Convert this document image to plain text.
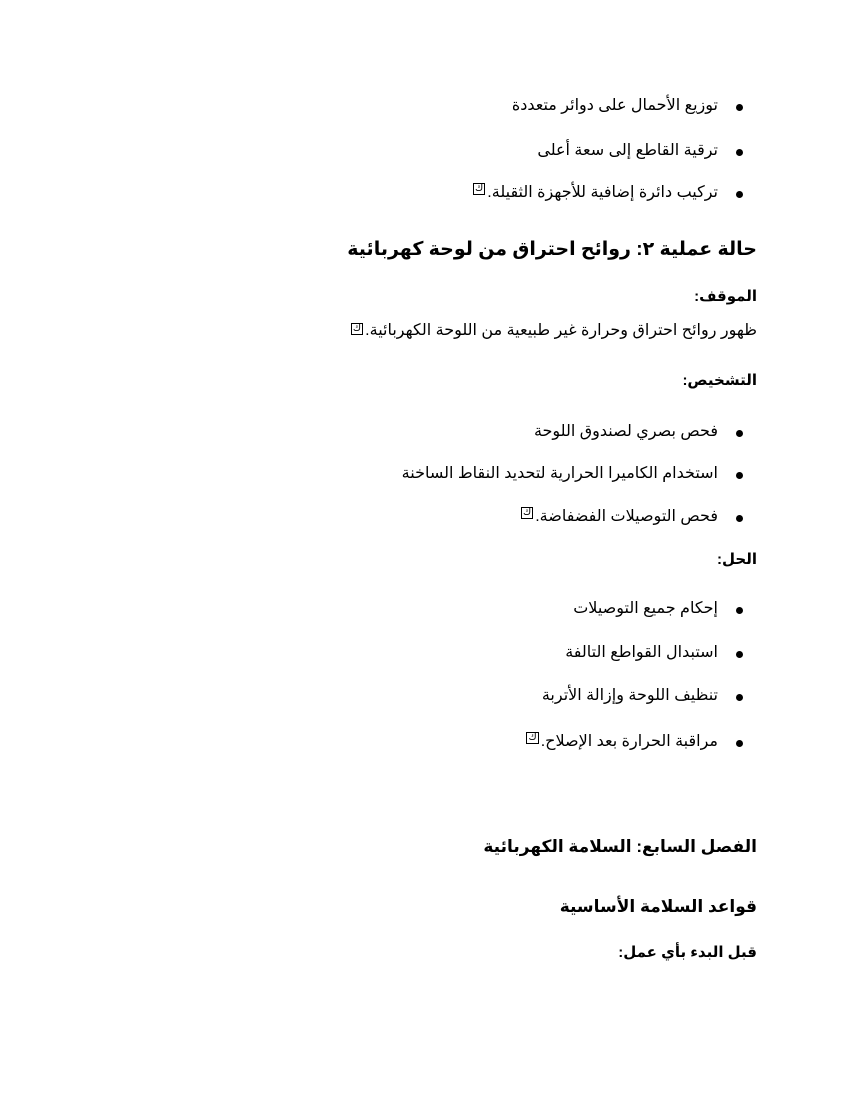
توزيع الأحمال على دوائر متعددة
ترقية القاطع إلى سعة أعلى
تركيب دائرة إضافية للأجهزة الثقيلة.
ك
حالة عملية ٢: روائح احتراق من لوحة كهربائية
الموقف:
ظهور روائح احتراق وحرارة غير طبيعية من اللوحة الكهربائية.ك
التشخيص:
فحص بصري لصندوق اللوحة
استخدام الكاميرا الحرارية لتحديد النقاط الساخنة
فحص التوصيلات الفضفاضة.
ك
الحل:
إحكام جميع التوصيلات
استبدال القواطع التالفة
تنظيف اللوحة وإزالة الأتربة
مراقبة الحرارة بعد الإصلاح.
ك
الفصل السابع: السلامة الكهربائية
قواعد السلامة الأساسية
قبل البدء بأي عمل:
